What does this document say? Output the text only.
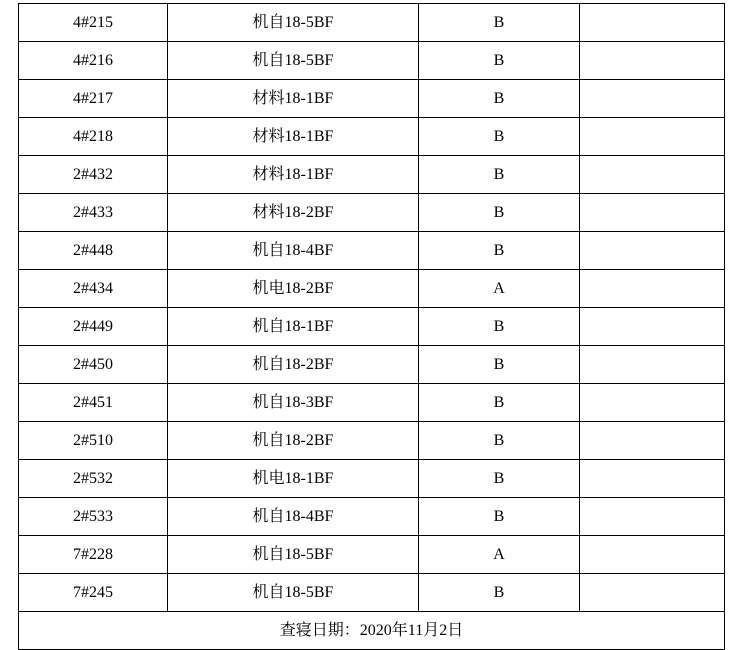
4#215	机自18-5BF	B	
4#216	机自18-5BF	B	
4#217	材料18-1BF	B	
4#218	材料18-1BF	B	
2#432	材料18-1BF	B	
2#433	材料18-2BF	B	
2#448	机自18-4BF	B	
2#434	机电18-2BF	A	
2#449	机自18-1BF	B	
2#450	机自18-2BF	B	
2#451	机自18-3BF	B	
2#510	机自18-2BF	B	
2#532	机电18-1BF	B	
2#533	机自18-4BF	B	
7#228	机自18-5BF	A	
7#245	机自18-5BF	B	
查寝日期：2020年11月2日			
